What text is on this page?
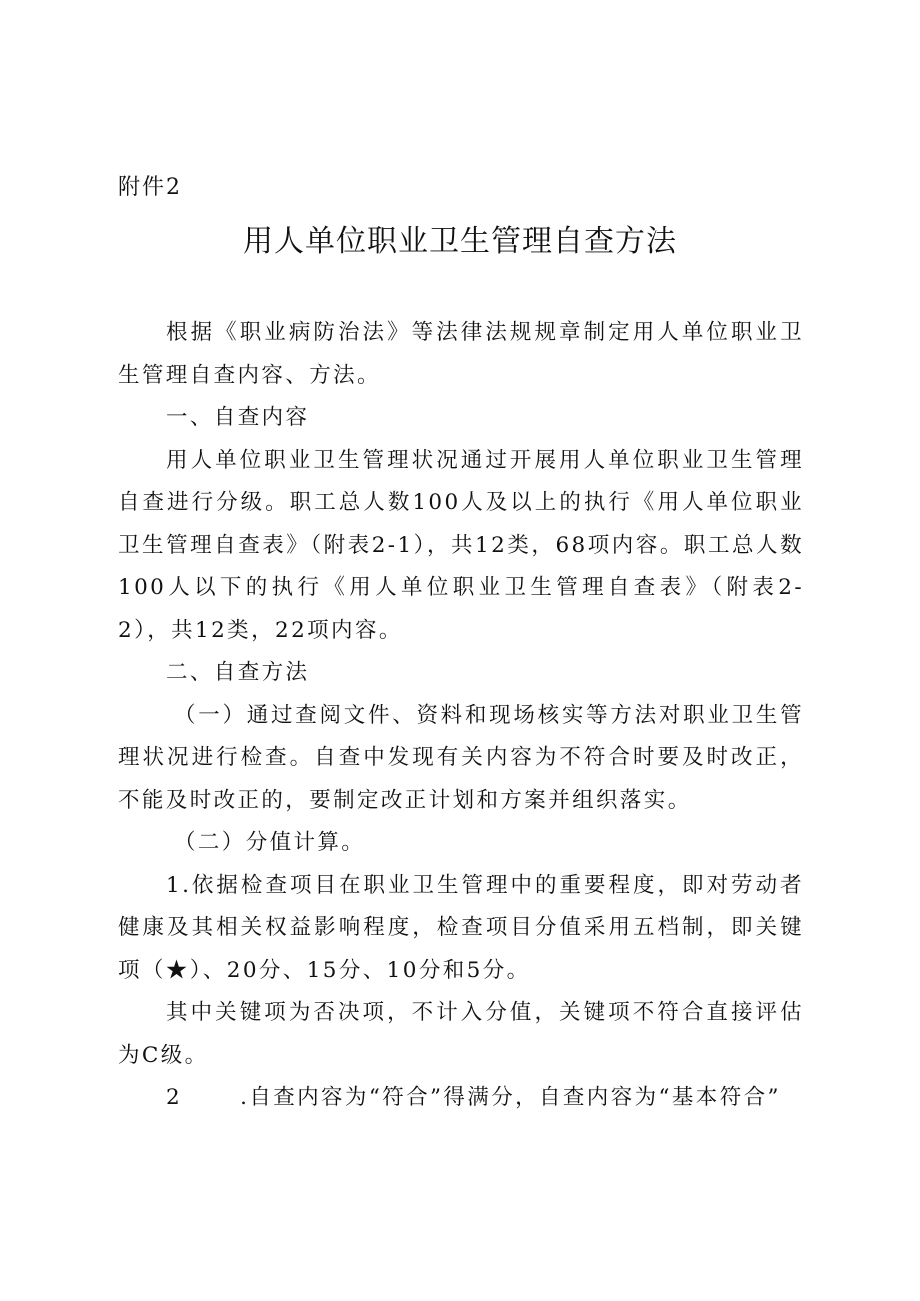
附件2
用人单位职业卫生管理自查方法

根据《职业病防治法》等法律法规规章制定用人单位职业卫生管理自查内容、方法。

一、自查内容

用人单位职业卫生管理状况通过开展用人单位职业卫生管理自查进行分级。职工总人数100人及以上的执行《用人单位职业卫生管理自查表》（附表2-1），共12类，68项内容。职工总人数100人以下的执行《用人单位职业卫生管理自查表》（附表2-2），共12类，22项内容。

二、自查方法

（一）通过查阅文件、资料和现场核实等方法对职业卫生管理状况进行检查。自查中发现有关内容为不符合时要及时改正，不能及时改正的，要制定改正计划和方案并组织落实。

（二）分值计算。

1.依据检查项目在职业卫生管理中的重要程度，即对劳动者健康及其相关权益影响程度，检查项目分值采用五档制，即关键项（★）、20分、15分、10分和5分。

其中关键项为否决项，不计入分值，关键项不符合直接评估为C级。

2	.自查内容为“符合”得满分，自查内容为“基本符合”
